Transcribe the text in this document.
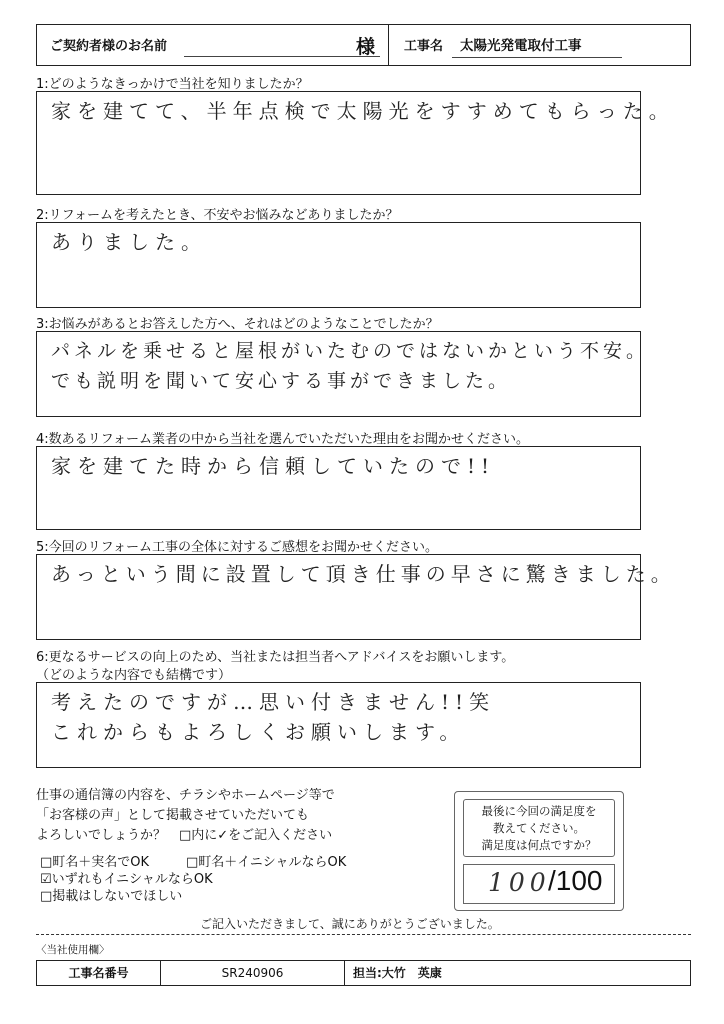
ご契約者様のお名前	様 工事名 太陽光発電取付工事
1:どのようなきっかけで当社を知りましたか？
家を建てて、半年点検で太陽光をすすめてもらった。
2:リフォームを考えたとき、不安やお悩みなどありましたか？
ありました。
3:お悩みがあるとお答えした方へ、それはどのようなことでしたか？
パネルを乗せると屋根がいたむのではないかという不安。
でも説明を聞いて安心する事ができました。
4:数あるリフォーム業者の中から当社を選んでいただいた理由をお聞かせください。
家を建てた時から信頼していたので!!
5:今回のリフォーム工事の全体に対するご感想をお聞かせください。
あっという間に設置して頂き仕事の早さに驚きました。
6:更なるサービスの向上のため、当社または担当者へアドバイスをお願いします。
（どのような内容でも結構です）
考えたのですが…思い付きません!!笑
これからもよろしくお願いします。
仕事の通信簿の内容を、チラシやホームページ等で
「お客様の声」として掲載させていただいても
よろしいでしょうか？　□内に✓をご記入ください
□町名＋実名でOK	□町名＋イニシャルならOK
☑いずれもイニシャルならOK
□掲載はしないでほしい
最後に今回の満足度を
教えてください。
満足度は何点ですか？
100
/100
ご記入いただきまして、誠にありがとうございました。
〈当社使用欄〉
工事名番号	SR240906	担当:大竹　英康
